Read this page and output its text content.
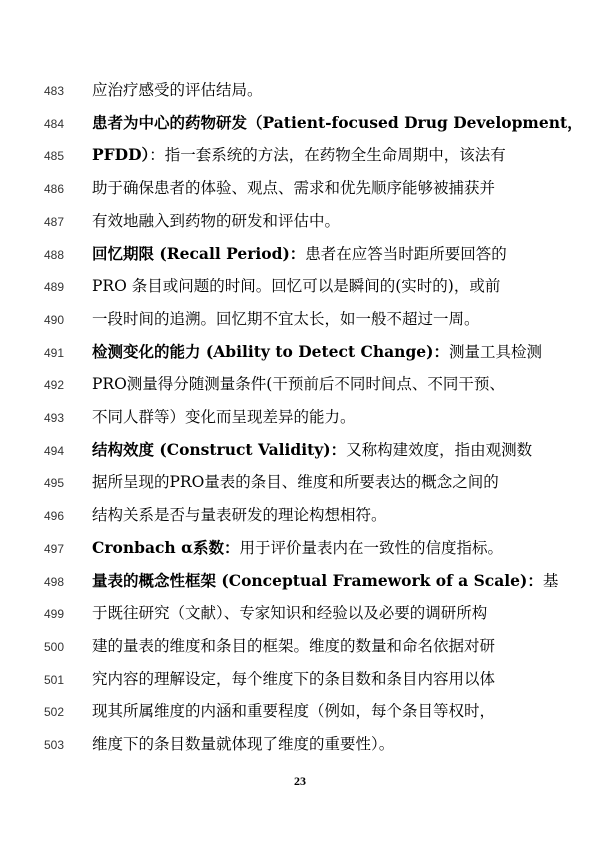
483	应治疗感受的评估结局。
484	患者为中心的药物研发（Patient-focused Drug Development，
485	PFDD）：指一套系统的方法，在药物全生命周期中，该法有
486	助于确保患者的体验、观点、需求和优先顺序能够被捕获并
487	有效地融入到药物的研发和评估中。
488	回忆期限 (Recall Period)：患者在应答当时距所要回答的
489	PRO 条目或问题的时间。回忆可以是瞬间的(实时的)，或前
490	一段时间的追溯。回忆期不宜太长，如一般不超过一周。
491	检测变化的能力 (Ability to Detect Change)：测量工具检测
492	PRO测量得分随测量条件(干预前后不同时间点、不同干预、
493	不同人群等）变化而呈现差异的能力。
494	结构效度 (Construct Validity)：又称构建效度，指由观测数
495	据所呈现的PRO量表的条目、维度和所要表达的概念之间的
496	结构关系是否与量表研发的理论构想相符。
497	Cronbach α系数：用于评价量表内在一致性的信度指标。
498	量表的概念性框架 (Conceptual Framework of a Scale)：基
499	于既往研究（文献）、专家知识和经验以及必要的调研所构
500	建的量表的维度和条目的框架。维度的数量和命名依据对研
501	究内容的理解设定，每个维度下的条目数和条目内容用以体
502	现其所属维度的内涵和重要程度（例如，每个条目等权时，
503	维度下的条目数量就体现了维度的重要性）。
23
